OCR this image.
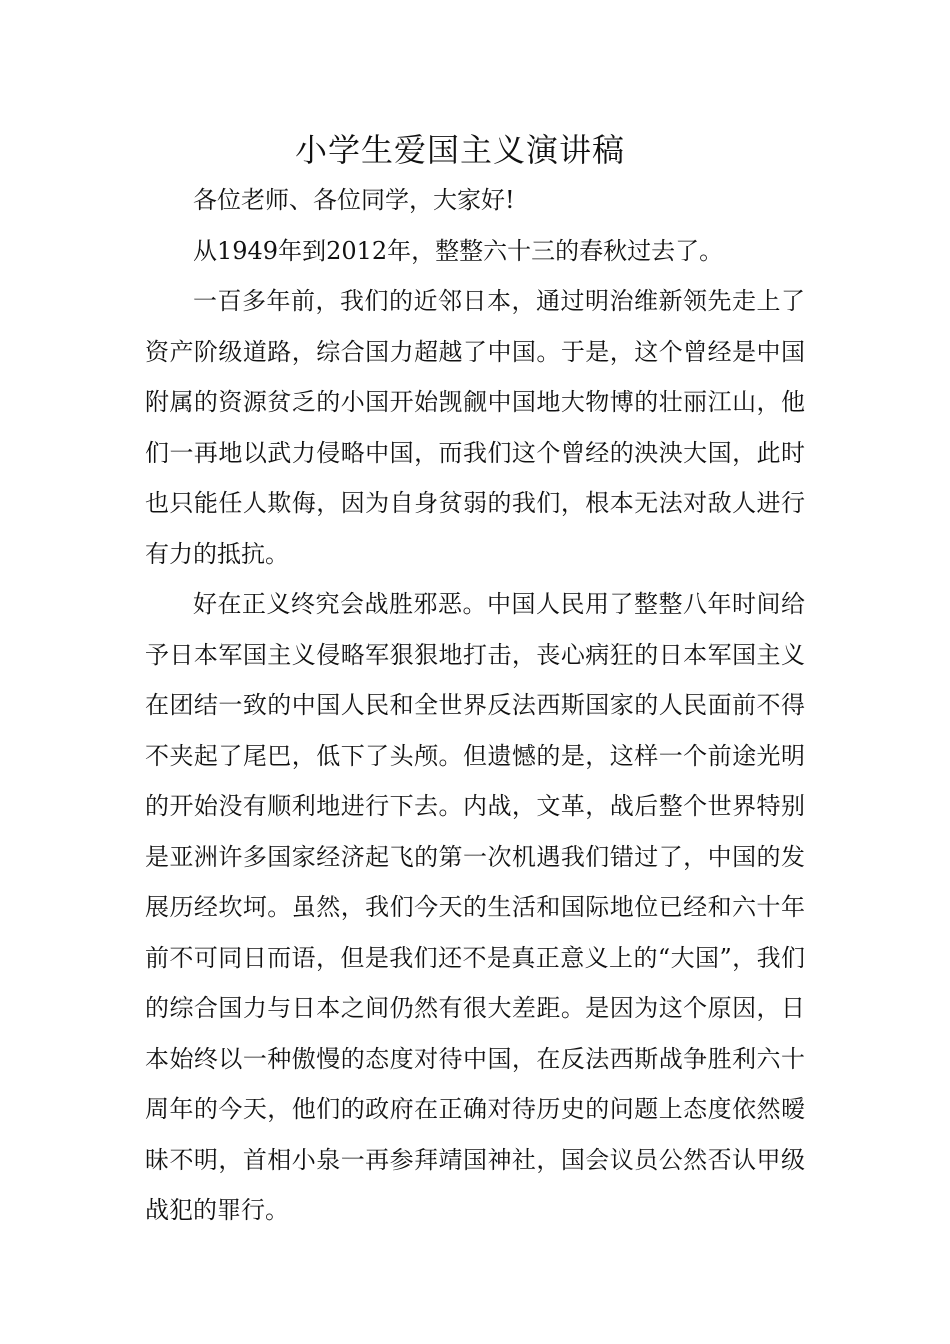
小学生爱国主义演讲稿

各位老师、各位同学，大家好!

从1949年到2012年，整整六十三的春秋过去了。

一百多年前，我们的近邻日本，通过明治维新领先走上了资产阶级道路，综合国力超越了中国。于是，这个曾经是中国附属的资源贫乏的小国开始觊觎中国地大物博的壮丽江山，他们一再地以武力侵略中国，而我们这个曾经的泱泱大国，此时也只能任人欺侮，因为自身贫弱的我们，根本无法对敌人进行有力的抵抗。

好在正义终究会战胜邪恶。中国人民用了整整八年时间给予日本军国主义侵略军狠狠地打击，丧心病狂的日本军国主义在团结一致的中国人民和全世界反法西斯国家的人民面前不得不夹起了尾巴，低下了头颅。但遗憾的是，这样一个前途光明的开始没有顺利地进行下去。内战，文革，战后整个世界特别是亚洲许多国家经济起飞的第一次机遇我们错过了，中国的发展历经坎坷。虽然，我们今天的生活和国际地位已经和六十年前不可同日而语，但是我们还不是真正意义上的“大国”，我们的综合国力与日本之间仍然有很大差距。是因为这个原因，日本始终以一种傲慢的态度对待中国，在反法西斯战争胜利六十周年的今天，他们的政府在正确对待历史的问题上态度依然暧昧不明，首相小泉一再参拜靖国神社，国会议员公然否认甲级战犯的罪行。
